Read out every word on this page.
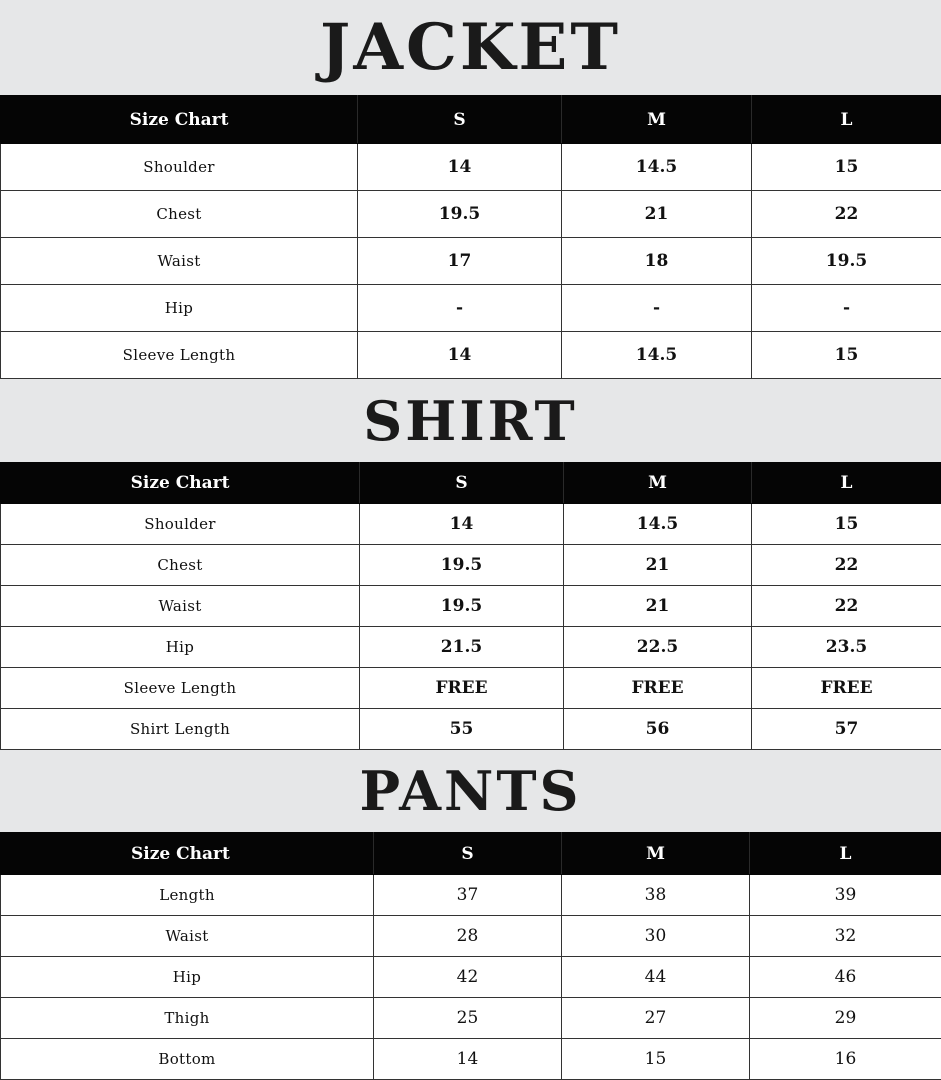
JACKET
Size Chart	S	M	L
Shoulder	14	14.5	15
Chest	19.5	21	22
Waist	17	18	19.5
Hip	-	-	-
Sleeve Length	14	14.5	15
SHIRT
Size Chart	S	M	L
Shoulder	14	14.5	15
Chest	19.5	21	22
Waist	19.5	21	22
Hip	21.5	22.5	23.5
Sleeve Length	FREE	FREE	FREE
Shirt Length	55	56	57
PANTS
Size Chart	S	M	L
Length	37	38	39
Waist	28	30	32
Hip	42	44	46
Thigh	25	27	29
Bottom	14	15	16
